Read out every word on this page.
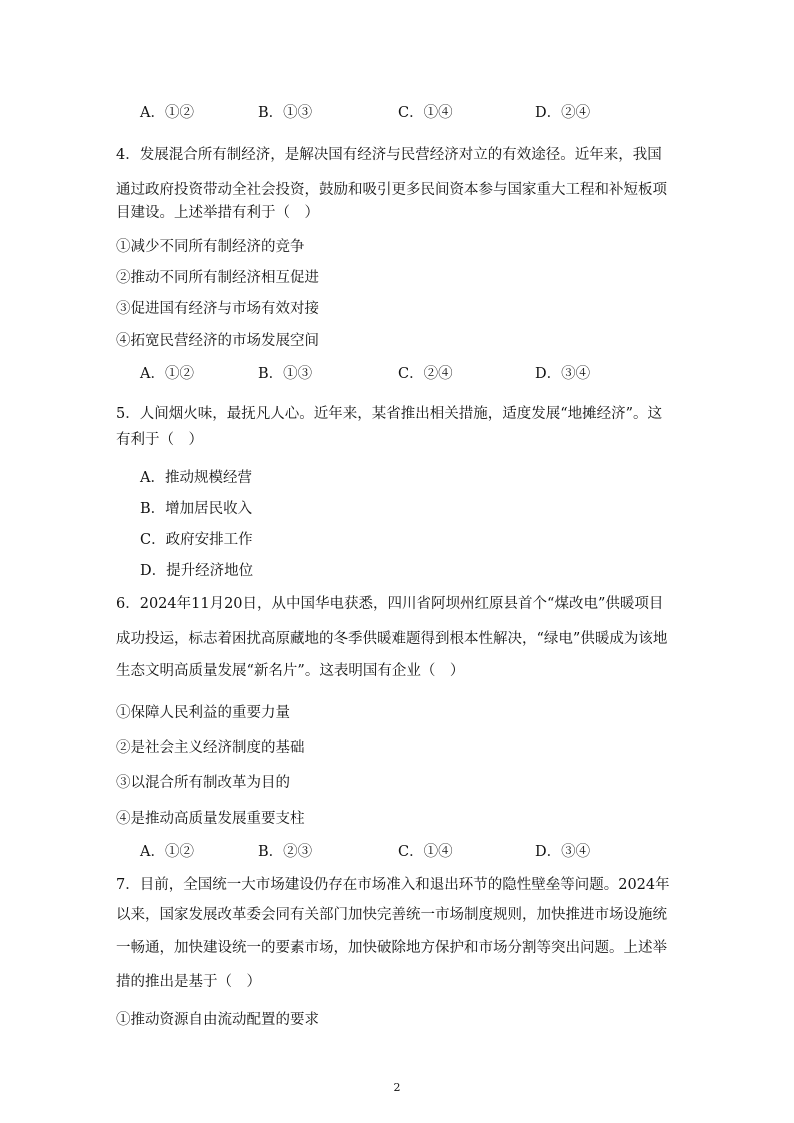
A．①②	B．①③	C．①④	D．②④
4．发展混合所有制经济，是解决国有经济与民营经济对立的有效途径。近年来，我国
通过政府投资带动全社会投资，鼓励和吸引更多民间资本参与国家重大工程和补短板项
目建设。上述举措有利于（　）
①减少不同所有制经济的竞争
②推动不同所有制经济相互促进
③促进国有经济与市场有效对接
④拓宽民营经济的市场发展空间
A．①②	B．①③	C．②④	D．③④
5．人间烟火味，最抚凡人心。近年来，某省推出相关措施，适度发展“地摊经济”。这
有利于（　）
A．推动规模经营
B．增加居民收入
C．政府安排工作
D．提升经济地位
6．2024年11月20日，从中国华电获悉，四川省阿坝州红原县首个“煤改电”供暖项目
成功投运，标志着困扰高原藏地的冬季供暖难题得到根本性解决，“绿电”供暖成为该地
生态文明高质量发展“新名片”。这表明国有企业（　）
①保障人民利益的重要力量
②是社会主义经济制度的基础
③以混合所有制改革为目的
④是推动高质量发展重要支柱
A．①②	B．②③	C．①④	D．③④
7．目前，全国统一大市场建设仍存在市场准入和退出环节的隐性壁垒等问题。2024年
以来，国家发展改革委会同有关部门加快完善统一市场制度规则，加快推进市场设施统
一畅通，加快建设统一的要素市场，加快破除地方保护和市场分割等突出问题。上述举
措的推出是基于（　）
①推动资源自由流动配置的要求
2
